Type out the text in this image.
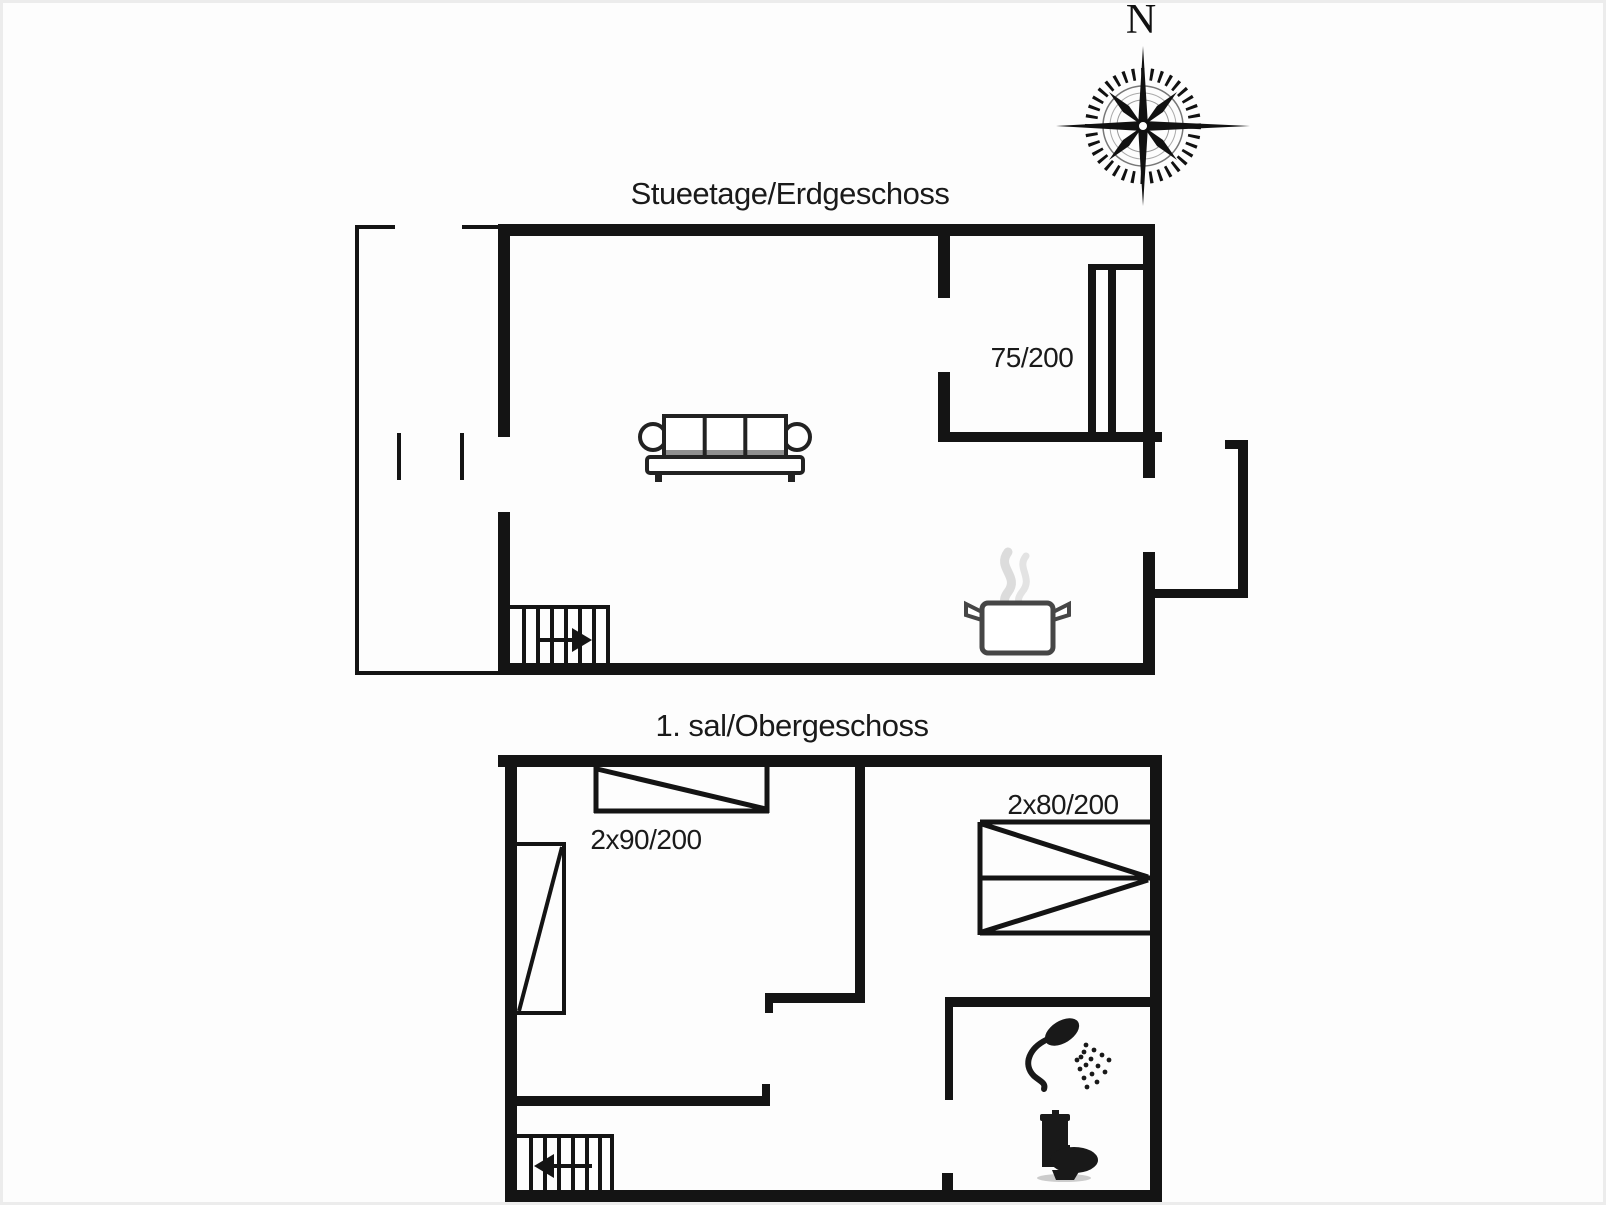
N
Stueetage/Erdgeschoss
75/200
1. sal/Obergeschoss
2x90/200
2x80/200
